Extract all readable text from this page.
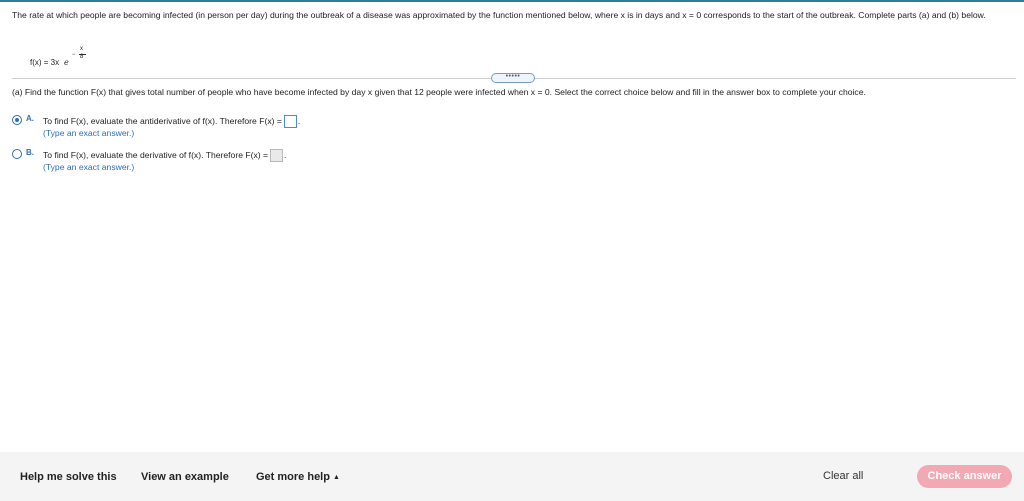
The rate at which people are becoming infected (in person per day) during the outbreak of a disease was approximated by the function mentioned below, where x is in days and x = 0 corresponds to the start of the outbreak. Complete parts (a) and (b) below.
f(x) = 3x e
−
x
8
•••••
(a) Find the function F(x) that gives total number of people who have become infected by day x given that 12 people were infected when x = 0. Select the correct choice below and fill in the answer box to complete your choice.
A. To find F(x), evaluate the antiderivative of f(x). Therefore F(x) = .
(Type an exact answer.)
B. To find F(x), evaluate the derivative of f(x). Therefore F(x) = .
(Type an exact answer.)
Help me solve this View an example Get more help ▲	Clear all	Check answer
